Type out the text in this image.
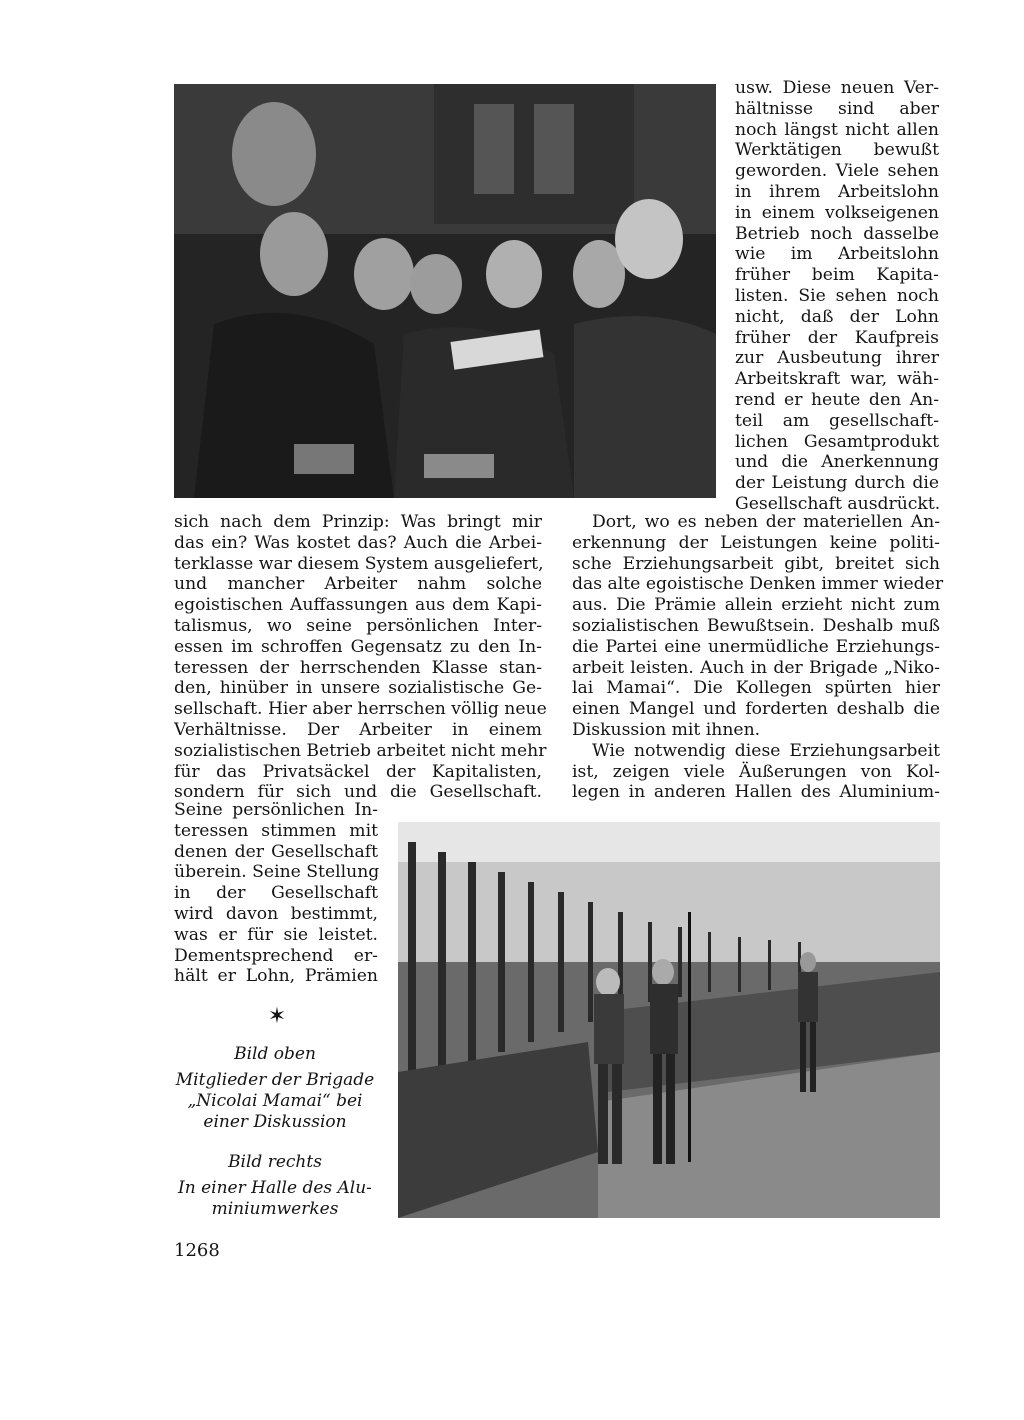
usw. Diese neuen Ver-
hältnisse sind aber
noch längst nicht allen
Werktätigen bewußt
geworden. Viele sehen
in ihrem Arbeitslohn
in einem volkseigenen
Betrieb noch dasselbe
wie im Arbeitslohn
früher beim Kapita-
listen. Sie sehen noch
nicht, daß der Lohn
früher der Kaufpreis
zur Ausbeutung ihrer
Arbeitskraft war, wäh-
rend er heute den An-
teil am gesellschaft-
lichen Gesamtprodukt
und die Anerkennung
der Leistung durch die
Gesellschaft ausdrückt.
sich nach dem Prinzip: Was bringt mir
das ein? Was kostet das? Auch die Arbei-
terklasse war diesem System ausgeliefert,
und mancher Arbeiter nahm solche
egoistischen Auffassungen aus dem Kapi-
talismus, wo seine persönlichen Inter-
essen im schroffen Gegensatz zu den In-
teressen der herrschenden Klasse stan-
den, hinüber in unsere sozialistische Ge-
sellschaft. Hier aber herrschen völlig neue
Verhältnisse. Der Arbeiter in einem
sozialistischen Betrieb arbeitet nicht mehr
für das Privatsäckel der Kapitalisten,
sondern für sich und die Gesellschaft.
Dort, wo es neben der materiellen An-
erkennung der Leistungen keine politi-
sche Erziehungsarbeit gibt, breitet sich
das alte egoistische Denken immer wieder
aus. Die Prämie allein erzieht nicht zum
sozialistischen Bewußtsein. Deshalb muß
die Partei eine unermüdliche Erziehungs-
arbeit leisten. Auch in der Brigade „Niko-
lai Mamai“. Die Kollegen spürten hier
einen Mangel und forderten deshalb die
Diskussion mit ihnen.
Wie notwendig diese Erziehungsarbeit
ist, zeigen viele Äußerungen von Kol-
legen in anderen Hallen des Aluminium-
Seine persönlichen In-
teressen stimmen mit
denen der Gesellschaft
überein. Seine Stellung
in der Gesellschaft
wird davon bestimmt,
was er für sie leistet.
Dementsprechend er-
hält er Lohn, Prämien
✶
Bild oben
Mitglieder der Brigade
„Nicolai Mamai“ bei
einer Diskussion
Bild rechts
In einer Halle des Alu-
miniumwerkes
1268
